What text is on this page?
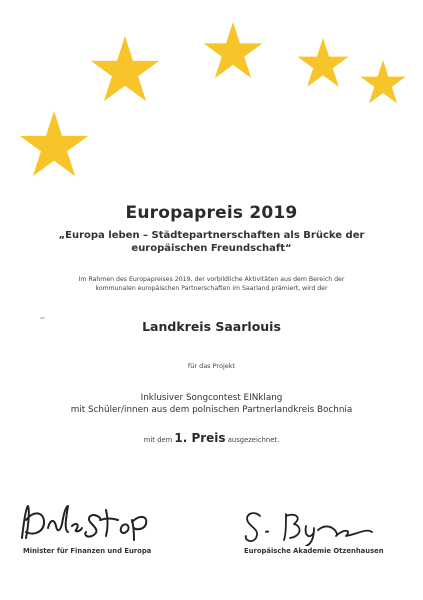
Europapreis 2019
„Europa leben – Städtepartnerschaften als Brücke der
europäischen Freundschaft“
Im Rahmen des Europapreises 2019, der vorbildliche Aktivitäten aus dem Bereich der
kommunalen europäischen Partnerschaften im Saarland prämiert, wird der
Landkreis Saarlouis
für das Projekt
Inklusiver Songcontest EINklang
mit Schüler/innen aus dem polnischen Partnerlandkreis Bochnia
mit dem 1. Preis ausgezeichnet.
Minister für Finanzen und Europa	Europäische Akademie Otzenhausen
